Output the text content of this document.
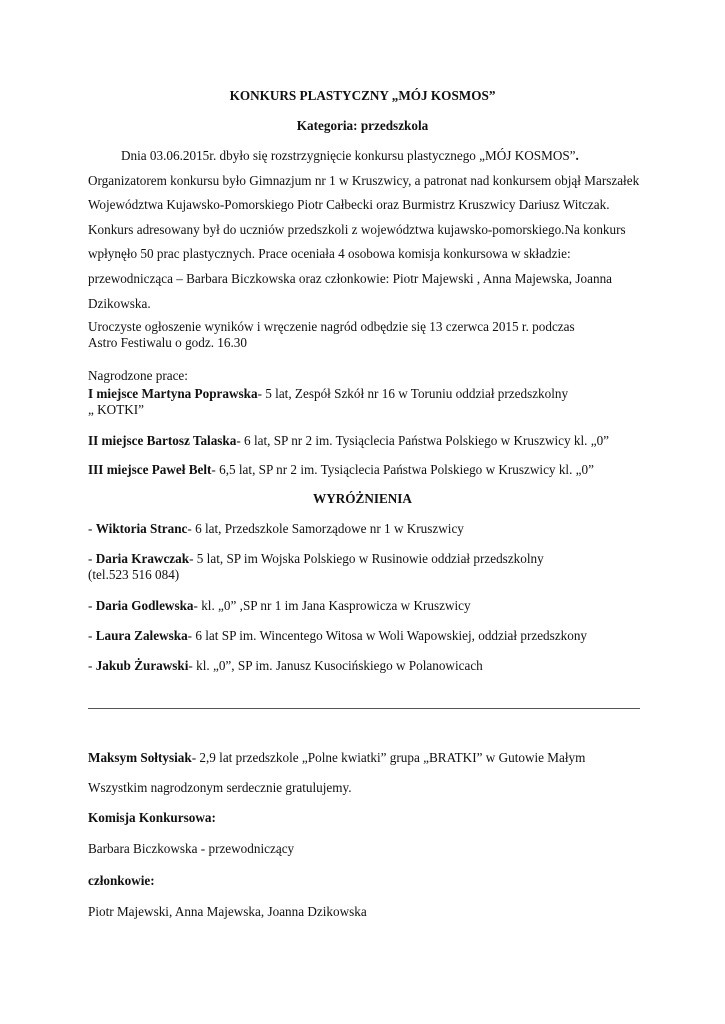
KONKURS PLASTYCZNY „MÓJ KOSMOS”

Kategoria: przedszkola

Dnia 03.06.2015r. dbyło się rozstrzygnięcie konkursu plastycznego „MÓJ KOSMOS”. Organizatorem konkursu było Gimnazjum nr 1 w Kruszwicy, a patronat nad konkursem objął Marszałek Województwa Kujawsko-Pomorskiego Piotr Całbecki oraz Burmistrz Kruszwicy Dariusz Witczak. Konkurs adresowany był do uczniów przedszkoli z województwa kujawsko-pomorskiego.Na konkurs wpłynęło 50 prac plastycznych. Prace oceniała 4 osobowa komisja konkursowa w składzie: przewodnicząca – Barbara Biczkowska oraz członkowie: Piotr Majewski , Anna Majewska, Joanna Dzikowska.

Uroczyste ogłoszenie wyników i wręczenie nagród odbędzie się 13 czerwca 2015 r. podczas
Astro Festiwalu o godz. 16.30

Nagrodzone prace:

I miejsce Martyna Poprawska- 5 lat, Zespół Szkół nr 16 w Toruniu oddział przedszkolny
„ KOTKI”

II miejsce Bartosz Talaska- 6 lat, SP nr 2 im. Tysiąclecia Państwa Polskiego w Kruszwicy kl. „0”

III miejsce Paweł Belt- 6,5 lat, SP nr 2 im. Tysiąclecia Państwa Polskiego w Kruszwicy kl. „0”

WYRÓŻNIENIA

- Wiktoria Stranc- 6 lat, Przedszkole Samorządowe nr 1 w Kruszwicy

- Daria Krawczak- 5 lat, SP im Wojska Polskiego w Rusinowie oddział przedszkolny
(tel.523 516 084)

- Daria Godlewska- kl. „0” ,SP nr 1 im Jana Kasprowicza w Kruszwicy

- Laura Zalewska- 6 lat SP im. Wincentego Witosa w Woli Wapowskiej, oddział przedszkony

- Jakub Żurawski- kl. „0”, SP im. Janusz Kusocińskiego w Polanowicach

Maksym Sołtysiak- 2,9 lat przedszkole „Polne kwiatki” grupa „BRATKI” w Gutowie Małym

Wszystkim nagrodzonym serdecznie gratulujemy.

Komisja Konkursowa:

Barbara Biczkowska - przewodniczący

członkowie:

Piotr Majewski, Anna Majewska, Joanna Dzikowska
